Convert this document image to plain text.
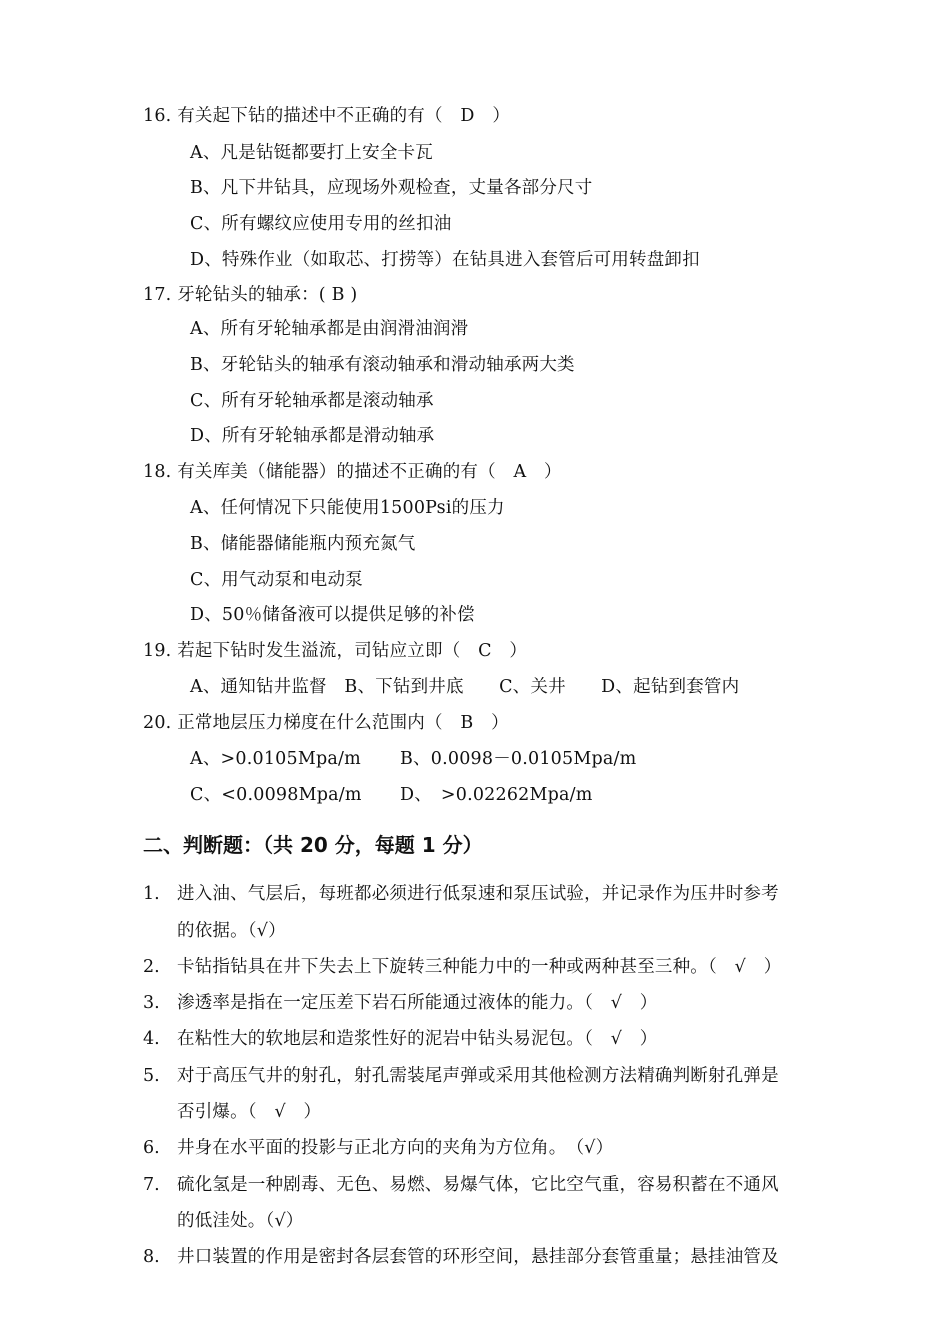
16. 有关起下钻的描述中不正确的有（　D　）
A、凡是钻铤都要打上安全卡瓦
B、凡下井钻具，应现场外观检查，丈量各部分尺寸
C、所有螺纹应使用专用的丝扣油
D、特殊作业（如取芯、打捞等）在钻具进入套管后可用转盘卸扣
17. 牙轮钻头的轴承：( B )
A、所有牙轮轴承都是由润滑油润滑
B、牙轮钻头的轴承有滚动轴承和滑动轴承两大类
C、所有牙轮轴承都是滚动轴承
D、所有牙轮轴承都是滑动轴承
18. 有关库美（储能器）的描述不正确的有（　A　）
A、任何情况下只能使用1500Psi的压力
B、储能器储能瓶内预充氮气
C、用气动泵和电动泵
D、50％储备液可以提供足够的补偿
19. 若起下钻时发生溢流，司钻应立即（　C　）
A、通知钻井监督　B、下钻到井底　　C、关井　　D、起钻到套管内
20. 正常地层压力梯度在什么范围内（　B　）
A、>0.0105Mpa/m B、0.0098－0.0105Mpa/m
C、<0.0098Mpa/m D、　>0.02262Mpa/m
二、判断题：（共 20 分，每题 1 分）
1. 进入油、气层后，每班都必须进行低泵速和泵压试验，并记录作为压井时参考
的依据。（√）
2. 卡钻指钻具在井下失去上下旋转三种能力中的一种或两种甚至三种。（　√　）
3. 渗透率是指在一定压差下岩石所能通过液体的能力。（　√　）
4. 在粘性大的软地层和造浆性好的泥岩中钻头易泥包。（　√　）
5. 对于高压气井的射孔，射孔需装尾声弹或采用其他检测方法精确判断射孔弹是
否引爆。（　√　）
6. 井身在水平面的投影与正北方向的夹角为方位角。　（√）
7. 硫化氢是一种剧毒、无色、易燃、易爆气体，它比空气重，容易积蓄在不通风
的低洼处。（√）
8. 井口装置的作用是密封各层套管的环形空间，悬挂部分套管重量；悬挂油管及
